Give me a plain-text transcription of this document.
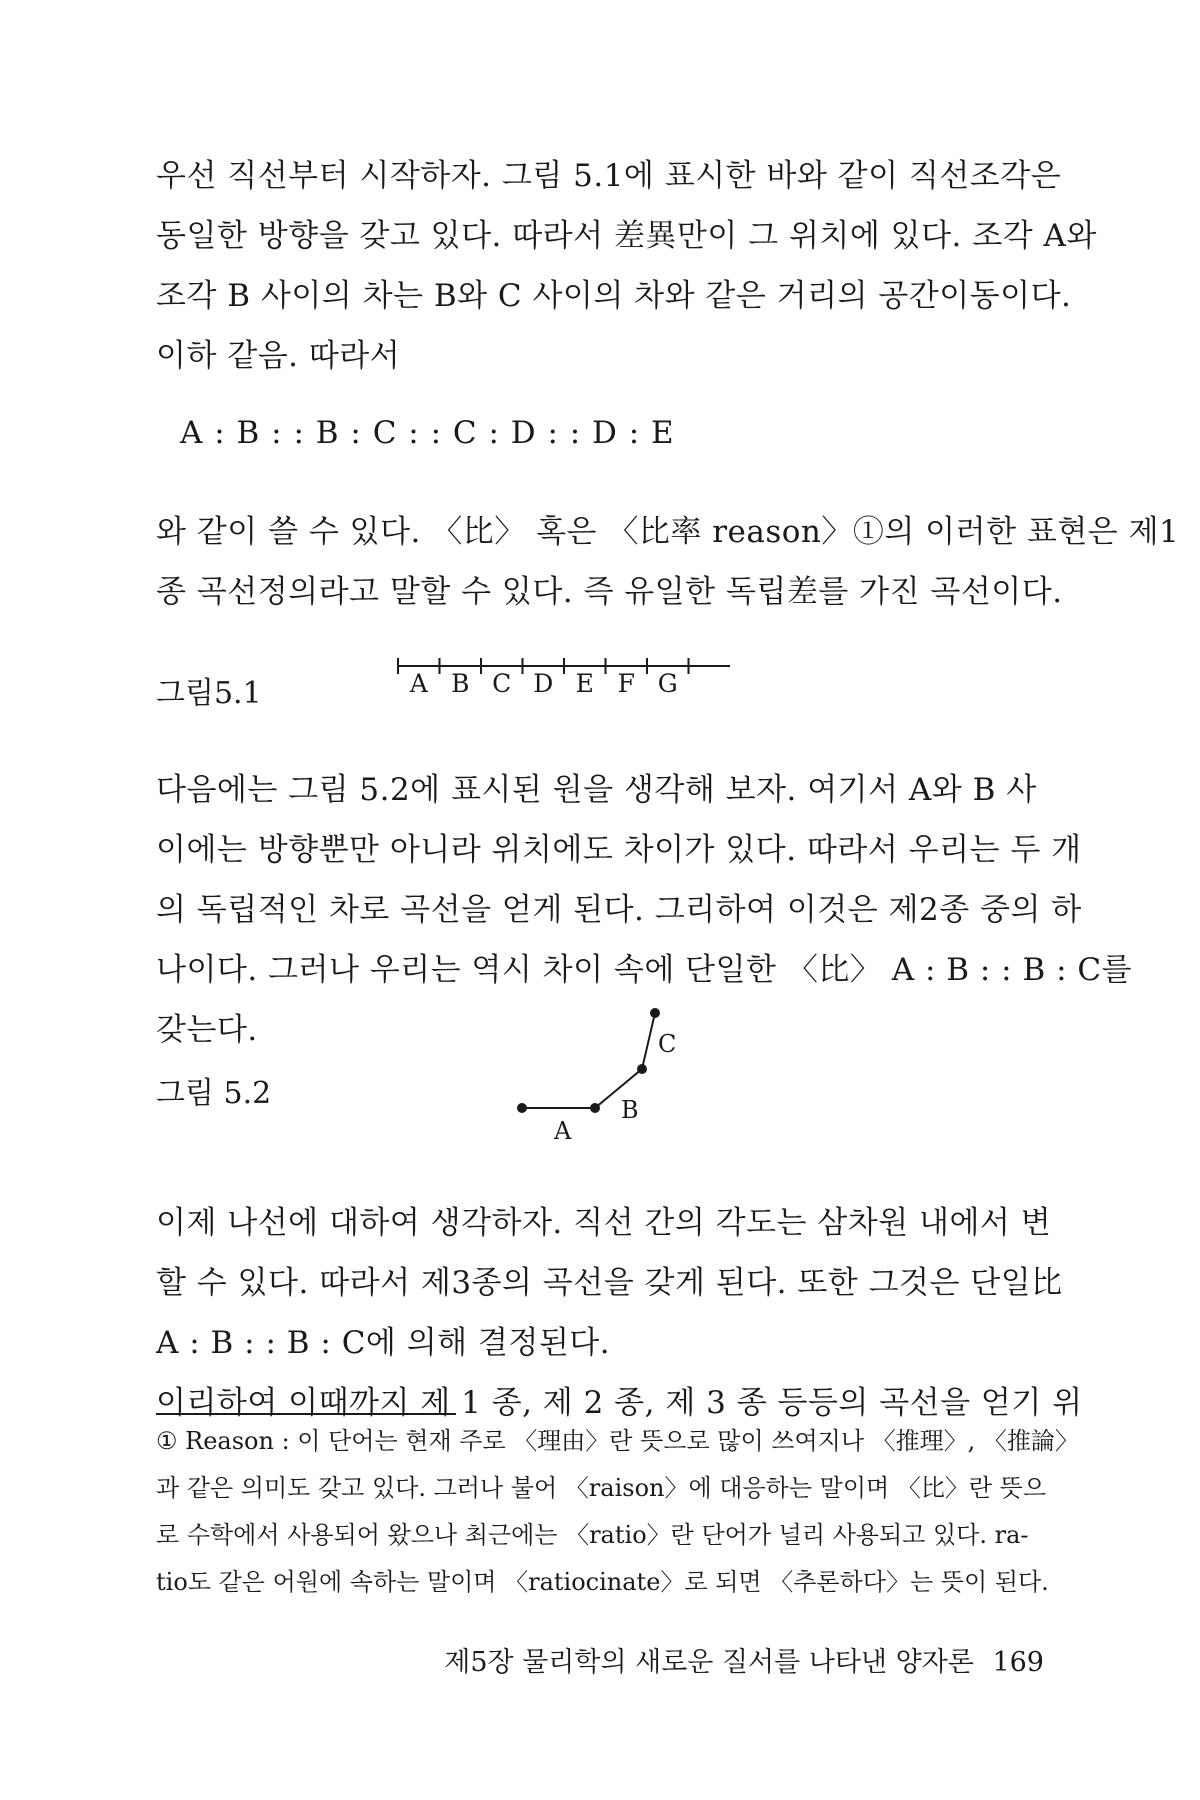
우선 직선부터 시작하자. 그림 5.1에 표시한 바와 같이 직선조각은
동일한 방향을 갖고 있다. 따라서 差異만이 그 위치에 있다. 조각 A와
조각 B 사이의 차는 B와 C 사이의 차와 같은 거리의 공간이동이다.
이하 같음. 따라서

A : B : : B : C : : C : D : : D : E

와 같이 쓸 수 있다. 〈比〉 혹은 〈比率 reason〉①의 이러한 표현은 제1
종 곡선정의라고 말할 수 있다. 즉 유일한 독립差를 가진 곡선이다.

그림5.1	A B C D E F G

다음에는 그림 5.2에 표시된 원을 생각해 보자. 여기서 A와 B 사
이에는 방향뿐만 아니라 위치에도 차이가 있다. 따라서 우리는 두 개
의 독립적인 차로 곡선을 얻게 된다. 그리하여 이것은 제2종 중의 하
나이다. 그러나 우리는 역시 차이 속에 단일한 〈比〉 A : B : : B : C를
갖는다.

그림 5.2
A
B
C

이제 나선에 대하여 생각하자. 직선 간의 각도는 삼차원 내에서 변
할 수 있다. 따라서 제3종의 곡선을 갖게 된다. 또한 그것은 단일比
A : B : : B : C에 의해 결정된다.
이리하여 이때까지 제 1 종, 제 2 종, 제 3 종 등등의 곡선을 얻기 위

① Reason : 이 단어는 현재 주로 〈理由〉란 뜻으로 많이 쓰여지나 〈推理〉, 〈推論〉
과 같은 의미도 갖고 있다. 그러나 불어 〈raison〉에 대응하는 말이며 〈比〉란 뜻으
로 수학에서 사용되어 왔으나 최근에는 〈ratio〉란 단어가 널리 사용되고 있다. ra-
tio도 같은 어원에 속하는 말이며 〈ratiocinate〉로 되면 〈추론하다〉는 뜻이 된다.

제5장 물리학의 새로운 질서를 나타낸 양자론 169
